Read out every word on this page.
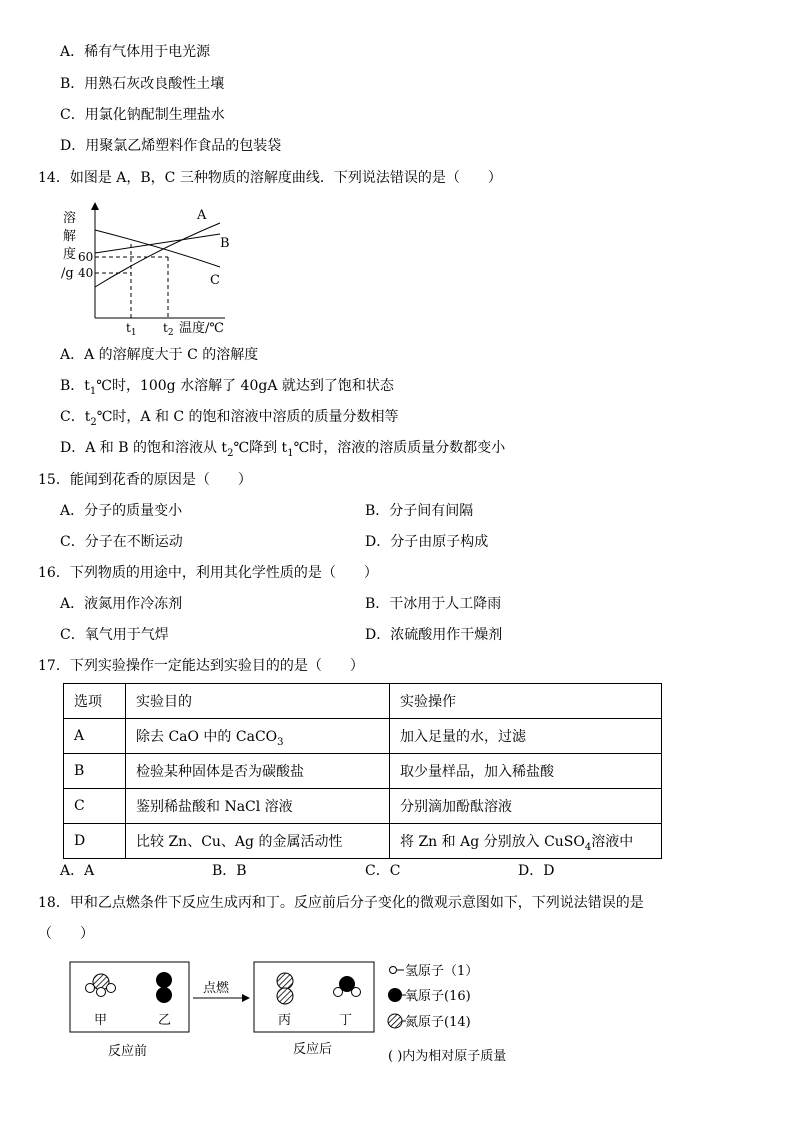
A．稀有气体用于电光源
B．用熟石灰改良酸性土壤
C．用氯化钠配制生理盐水
D．用聚氯乙烯塑料作食品的包装袋
14．如图是 A，B，C 三种物质的溶解度曲线．下列说法错误的是（　　）
溶
解
度
/g
60
40
A
B
C
$t_1$ $t_2$ 温度/℃
A．A 的溶解度大于 C 的溶解度
B．$t_1℃$时，100g 水溶解了 40gA 就达到了饱和状态
C．$t_2℃$时，A 和 C 的饱和溶液中溶质的质量分数相等
D．A 和 B 的饱和溶液从 $t_2℃$降到 $t_1℃$时，溶液的溶质质量分数都变小
15．能闻到花香的原因是（　　）
A．分子的质量变小	B．分子间有间隔
C．分子在不断运动	D．分子由原子构成
16．下列物质的用途中，利用其化学性质的是（　　）
A．液氮用作冷冻剂	B．干冰用于人工降雨
C．氧气用于气焊	D．浓硫酸用作干燥剂
17．下列实验操作一定能达到实验目的的是（　　）
选项	实验目的	实验操作
A	除去 CaO 中的 CaCO$_3$	加入足量的水，过滤
B	检验某种固体是否为碳酸盐	取少量样品，加入稀盐酸
C	鉴别稀盐酸和 NaCl 溶液	分别滴加酚酞溶液
D	比较 Zn、Cu、Ag 的金属活动性	将 Zn 和 Ag 分别放入 CuSO$_4$溶液中
A．A	B．B	C．C	D．D
18．甲和乙点燃条件下反应生成丙和丁。反应前后分子变化的微观示意图如下，下列说法错误的是
（　　）
甲	乙
反应前
点燃
丙	丁
反应后
氢原子（1）
氧原子(16)
氮原子(14)
( )内为相对原子质量
